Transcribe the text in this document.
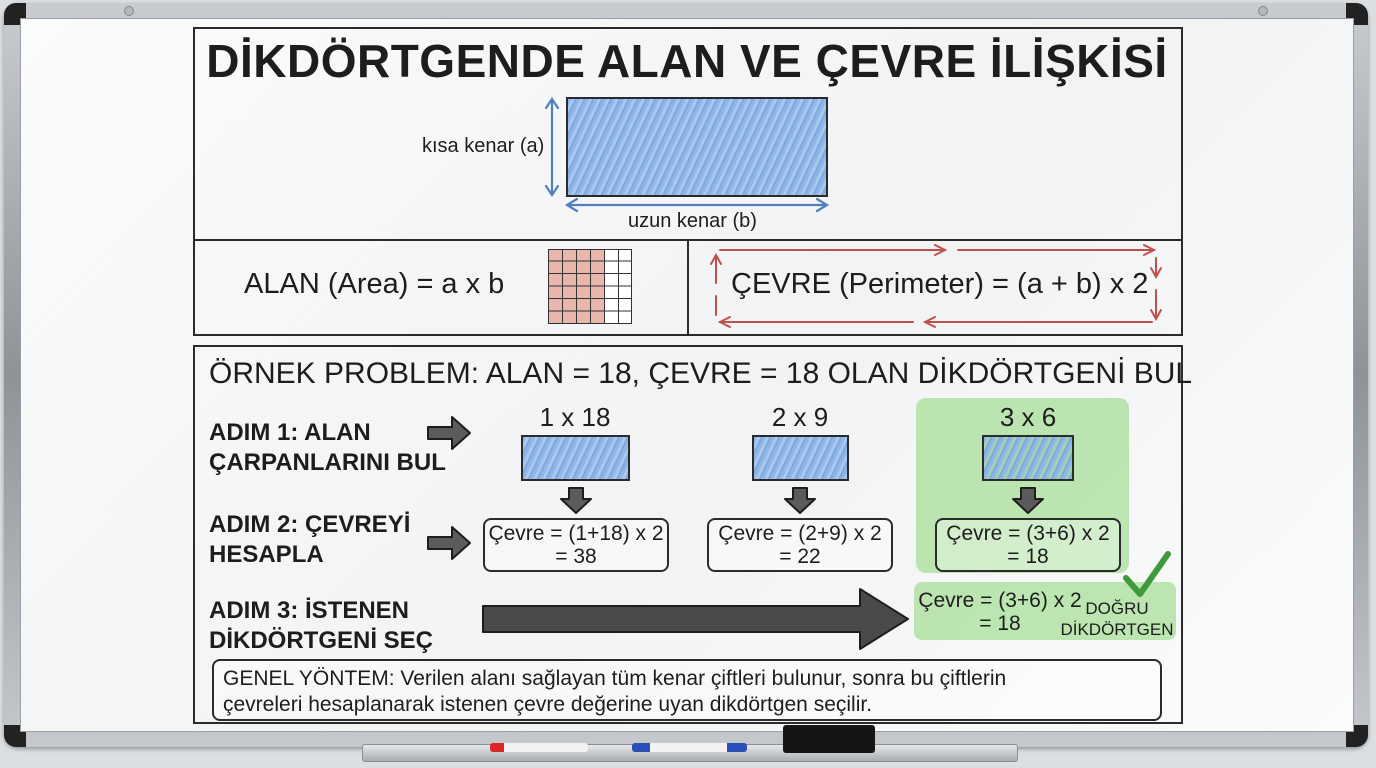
DİKDÖRTGENDE ALAN VE ÇEVRE İLİŞKİSİ
kısa kenar (a)
uzun kenar (b)
ALAN (Area) = a x b	ÇEVRE (Perimeter) = (a + b) x 2
ÖRNEK PROBLEM: ALAN = 18, ÇEVRE = 18 OLAN DİKDÖRTGENİ BUL
ADIM 1: ALAN
ÇARPANLARINI BUL
ADIM 2: ÇEVREYİ
HESAPLA
ADIM 3: İSTENEN
DİKDÖRTGENİ SEÇ
1 x 18	2 x 9	3 x 6
Çevre = (1+18) x 2
= 38
Çevre = (2+9) x 2
= 22
Çevre = (3+6) x 2
= 18
Çevre = (3+6) x 2
= 18
DOĞRU
DİKDÖRTGEN
GENEL YÖNTEM: Verilen alanı sağlayan tüm kenar çiftleri bulunur, sonra bu çiftlerin
çevreleri hesaplanarak istenen çevre değerine uyan dikdörtgen seçilir.
